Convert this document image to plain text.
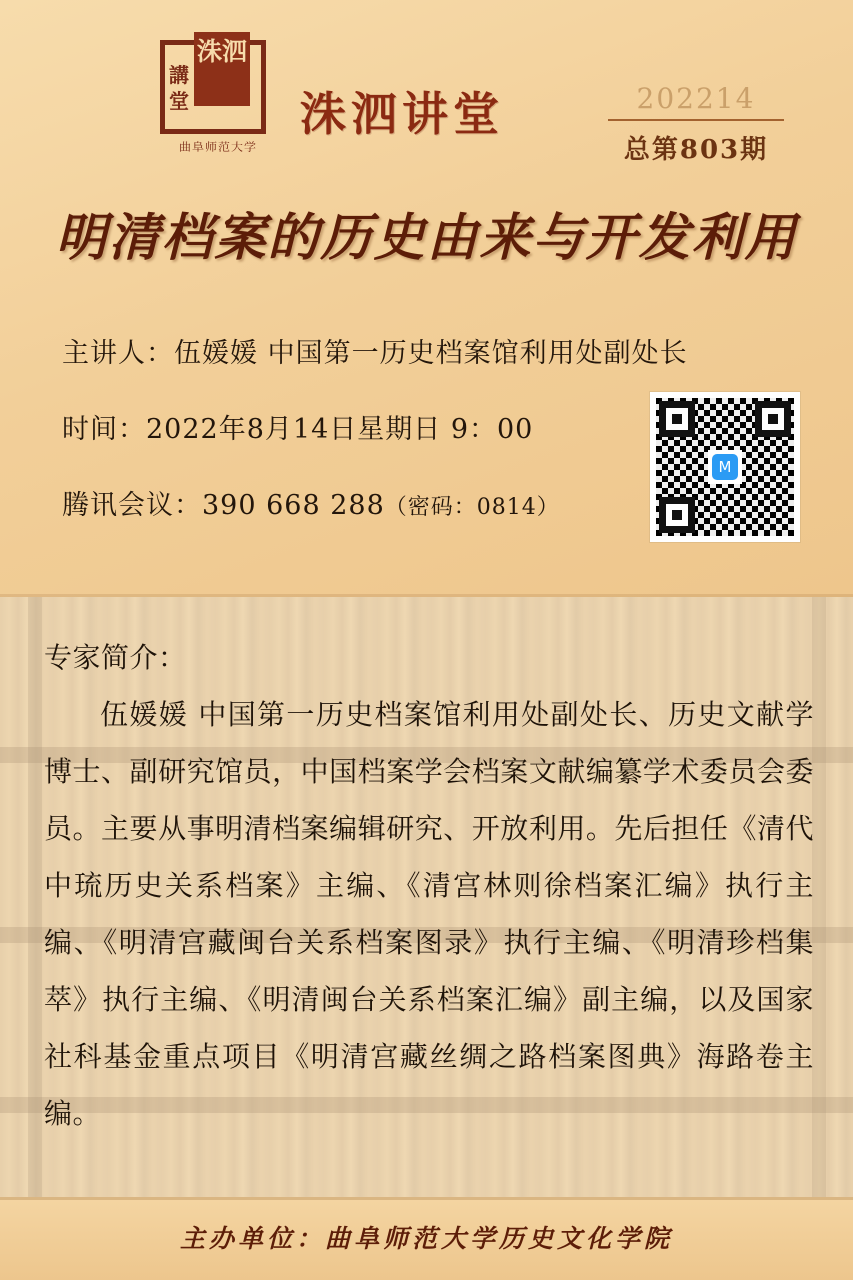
講堂
洙泗
曲阜师范大学
洙泗讲堂	202214
总第803期
明清档案的历史由来与开发利用
主讲人：伍媛媛 中国第一历史档案馆利用处副处长
时间：2022年8月14日星期日 9：00
腾讯会议：390 668 288（密码：0814）
M
专家简介：
伍媛媛 中国第一历史档案馆利用处副处长、历史文献学博士、副研究馆员，中国档案学会档案文献编纂学术委员会委员。主要从事明清档案编辑研究、开放利用。先后担任《清代中琉历史关系档案》主编、《清宫林则徐档案汇编》执行主编、《明清宫藏闽台关系档案图录》执行主编、《明清珍档集萃》执行主编、《明清闽台关系档案汇编》副主编，以及国家社科基金重点项目《明清宫藏丝绸之路档案图典》海路卷主编。
主办单位：曲阜师范大学历史文化学院
